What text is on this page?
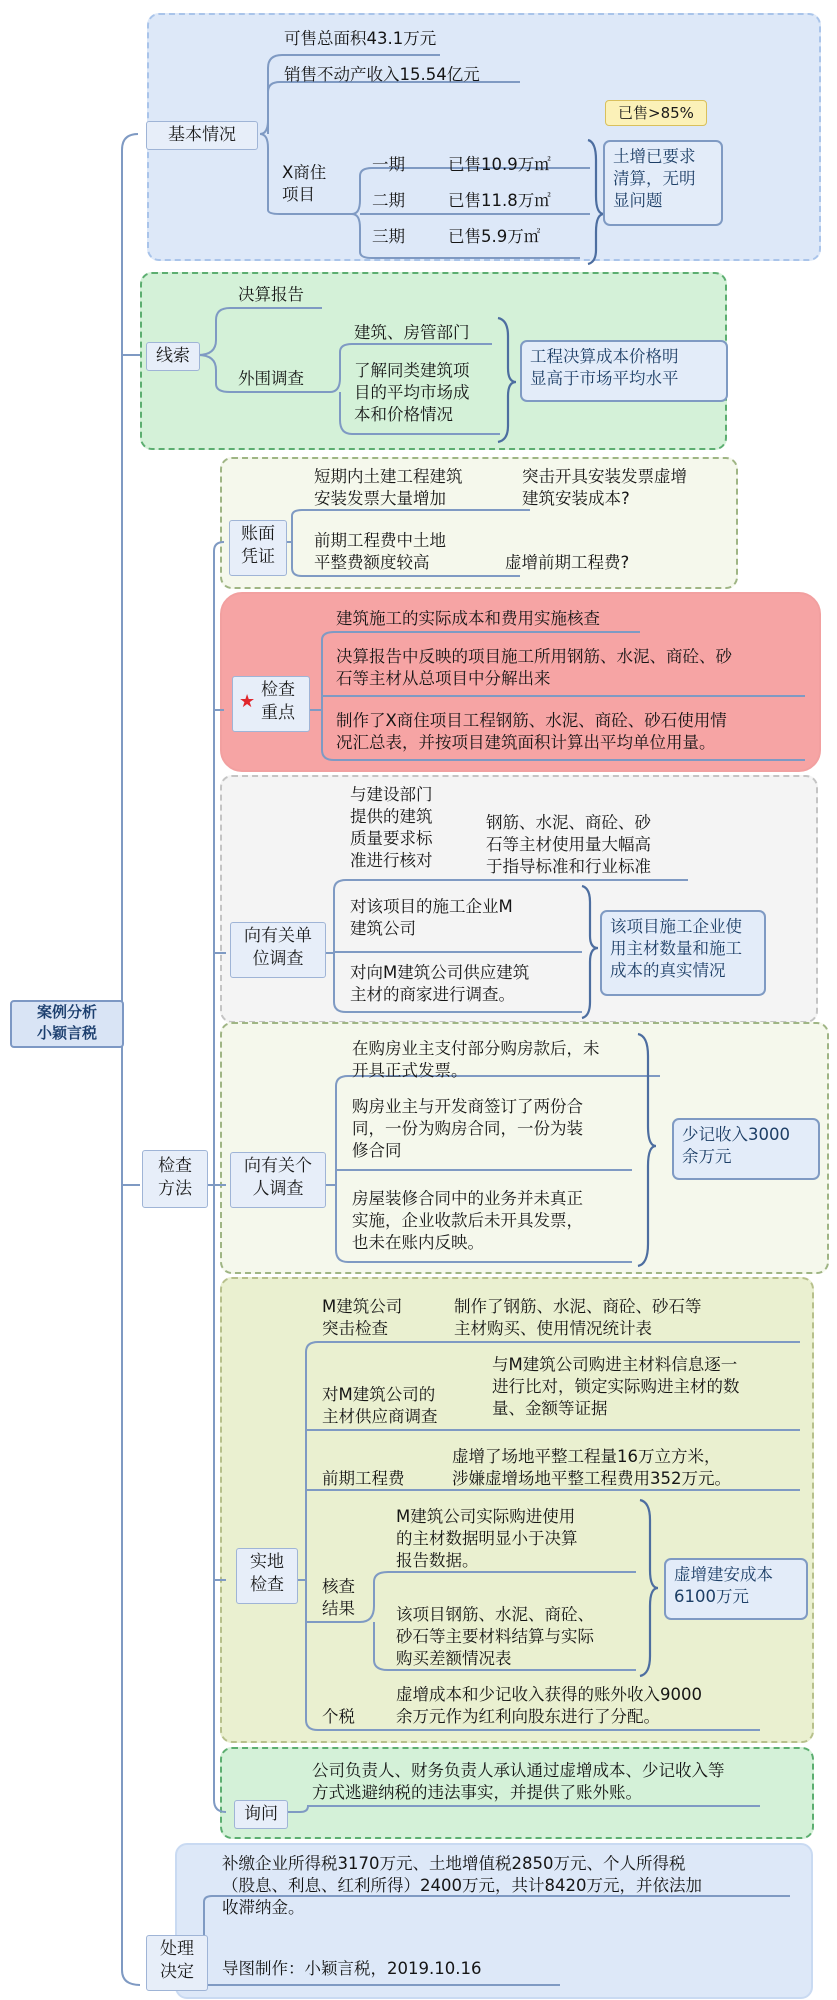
案例分析
小颖言税
基本情况
可售总面积43.1万元
销售不动产收入15.54亿元
X商住
项目
一期	已售10.9万㎡
二期	已售11.8万㎡
三期	已售5.9万㎡
已售>85%
土增已要求
清算，无明
显问题
线索
决算报告
外围调查
建筑、房管部门
了解同类建筑项
目的平均市场成
本和价格情况
工程决算成本价格明
显高于市场平均水平
检查
方法
账面
凭证
短期内土建工程建筑
安装发票大量增加
突击开具安装发票虚增
建筑安装成本?
前期工程费中土地
平整费额度较高	虚增前期工程费?

★

检查
重点

建筑施工的实际成本和费用实施核查
决算报告中反映的项目施工所用钢筋、水泥、商砼、砂
石等主材从总项目中分解出来
制作了X商住项目工程钢筋、水泥、商砼、砂石使用情
况汇总表，并按项目建筑面积计算出平均单位用量。
向有关单
位调查
与建设部门
提供的建筑
质量要求标
准进行核对
钢筋、水泥、商砼、砂
石等主材使用量大幅高
于指导标准和行业标准
对该项目的施工企业M
建筑公司
对向M建筑公司供应建筑
主材的商家进行调查。
该项目施工企业使
用主材数量和施工
成本的真实情况
向有关个
人调查
在购房业主支付部分购房款后，未
开具正式发票。
购房业主与开发商签订了两份合
同，一份为购房合同，一份为装
修合同
房屋装修合同中的业务并未真正
实施，企业收款后未开具发票，
也未在账内反映。
少记收入3000
余万元
实地
检查
M建筑公司
突击检查
制作了钢筋、水泥、商砼、砂石等
主材购买、使用情况统计表
对M建筑公司的
主材供应商调查
与M建筑公司购进主材料信息逐一
进行比对，锁定实际购进主材的数
量、金额等证据
前期工程费
虚增了场地平整工程量16万立方米，
涉嫌虚增场地平整工程费用352万元。
核查
结果
M建筑公司实际购进使用
的主材数据明显小于决算
报告数据。
该项目钢筋、水泥、商砼、
砂石等主要材料结算与实际
购买差额情况表
虚增建安成本
6100万元
个税
虚增成本和少记收入获得的账外收入9000
余万元作为红利向股东进行了分配。
询问
公司负责人、财务负责人承认通过虚增成本、少记收入等
方式逃避纳税的违法事实，并提供了账外账。
处理
决定
补缴企业所得税3170万元、土地增值税2850万元、个人所得税
（股息、利息、红利所得）2400万元，共计8420万元，并依法加
收滞纳金。
导图制作：小颖言税，2019.10.16
